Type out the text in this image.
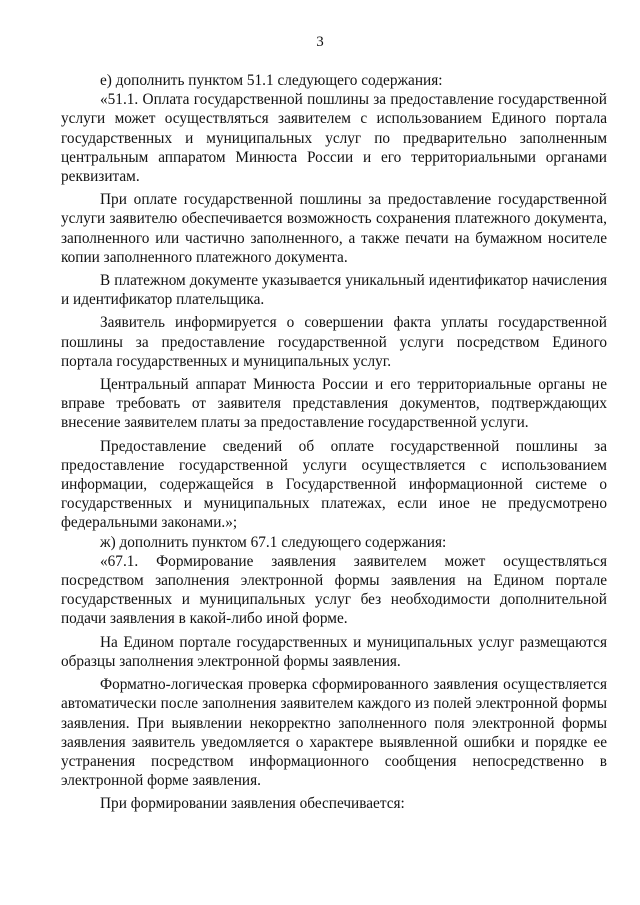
3

е) дополнить пунктом 51.1 следующего содержания:

«51.1. Оплата государственной пошлины за предоставление государственной услуги может осуществляться заявителем с использованием Единого портала государственных и муниципальных услуг по предварительно заполненным центральным аппаратом Минюста России и его территориальными органами реквизитам.

При оплате государственной пошлины за предоставление государственной услуги заявителю обеспечивается возможность сохранения платежного документа, заполненного или частично заполненного, а также печати на бумажном носителе копии заполненного платежного документа.

В платежном документе указывается уникальный идентификатор начисления и идентификатор плательщика.

Заявитель информируется о совершении факта уплаты государственной пошлины за предоставление государственной услуги посредством Единого портала государственных и муниципальных услуг.

Центральный аппарат Минюста России и его территориальные органы не вправе требовать от заявителя представления документов, подтверждающих внесение заявителем платы за предоставление государственной услуги.

Предоставление сведений об оплате государственной пошлины за предоставление государственной услуги осуществляется с использованием информации, содержащейся в Государственной информационной системе о государственных и муниципальных платежах, если иное не предусмотрено федеральными законами.»;

ж) дополнить пунктом 67.1 следующего содержания:

«67.1. Формирование заявления заявителем может осуществляться посредством заполнения электронной формы заявления на Едином портале государственных и муниципальных услуг без необходимости дополнительной подачи заявления в какой-либо иной форме.

На Едином портале государственных и муниципальных услуг размещаются образцы заполнения электронной формы заявления.

Форматно-логическая проверка сформированного заявления осуществляется автоматически после заполнения заявителем каждого из полей электронной формы заявления. При выявлении некорректно заполненного поля электронной формы заявления заявитель уведомляется о характере выявленной ошибки и порядке ее устранения посредством информационного сообщения непосредственно в электронной форме заявления.

При формировании заявления обеспечивается:
